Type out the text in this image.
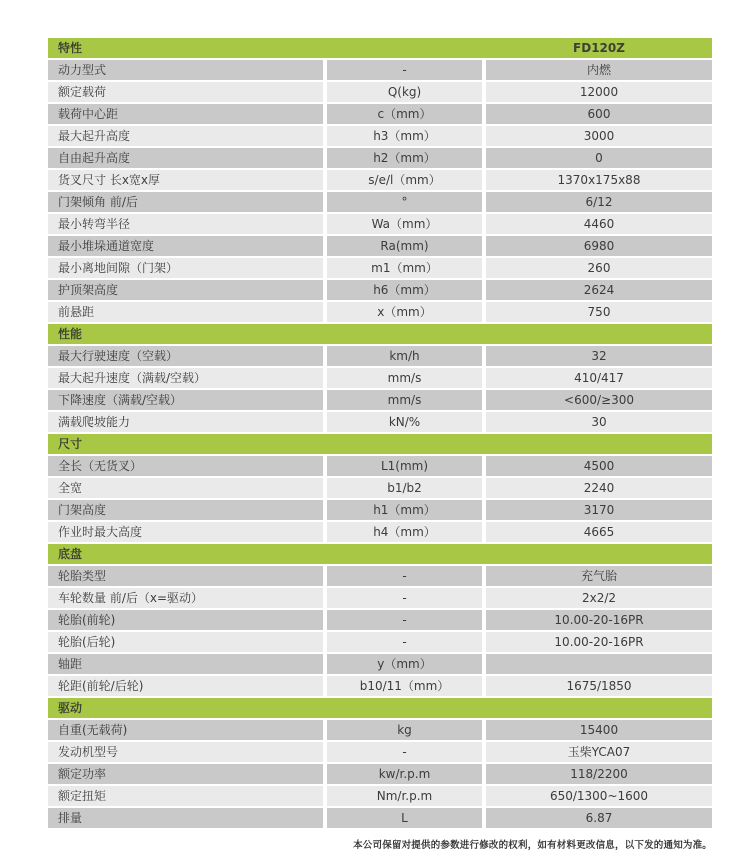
特性	FD120Z
动力型式	-	内燃
额定载荷	Q(kg)	12000
载荷中心距	c（mm）	600
最大起升高度	h3（mm）	3000
自由起升高度	h2（mm）	0
货叉尺寸 长x宽x厚	s/e/l（mm）	1370x175x88
门架倾角 前/后	°	6/12
最小转弯半径	Wa（mm）	4460
最小堆垛通道宽度	Ra(mm)	6980
最小离地间隙（门架）	m1（mm）	260
护顶架高度	h6（mm）	2624
前悬距	x（mm）	750
性能
最大行驶速度（空载）	km/h	32
最大起升速度（满载/空载）	mm/s	410/417
下降速度（满载/空载）	mm/s	<600/≥300
满载爬坡能力	kN/%	30
尺寸
全长（无货叉）	L1(mm)	4500
全宽	b1/b2	2240
门架高度	h1（mm）	3170
作业时最大高度	h4（mm）	4665
底盘
轮胎类型	-	充气胎
车轮数量 前/后（x=驱动）	-	2x2/2
轮胎(前轮)	-	10.00-20-16PR
轮胎(后轮)	-	10.00-20-16PR
轴距	y（mm）
轮距(前轮/后轮)	b10/11（mm）	1675/1850
驱动
自重(无载荷)	kg	15400
发动机型号	-	玉柴YCA07
额定功率	kw/r.p.m	118/2200
额定扭矩	Nm/r.p.m	650/1300~1600
排量	L	6.87
本公司保留对提供的参数进行修改的权利，如有材料更改信息，以下发的通知为准。
